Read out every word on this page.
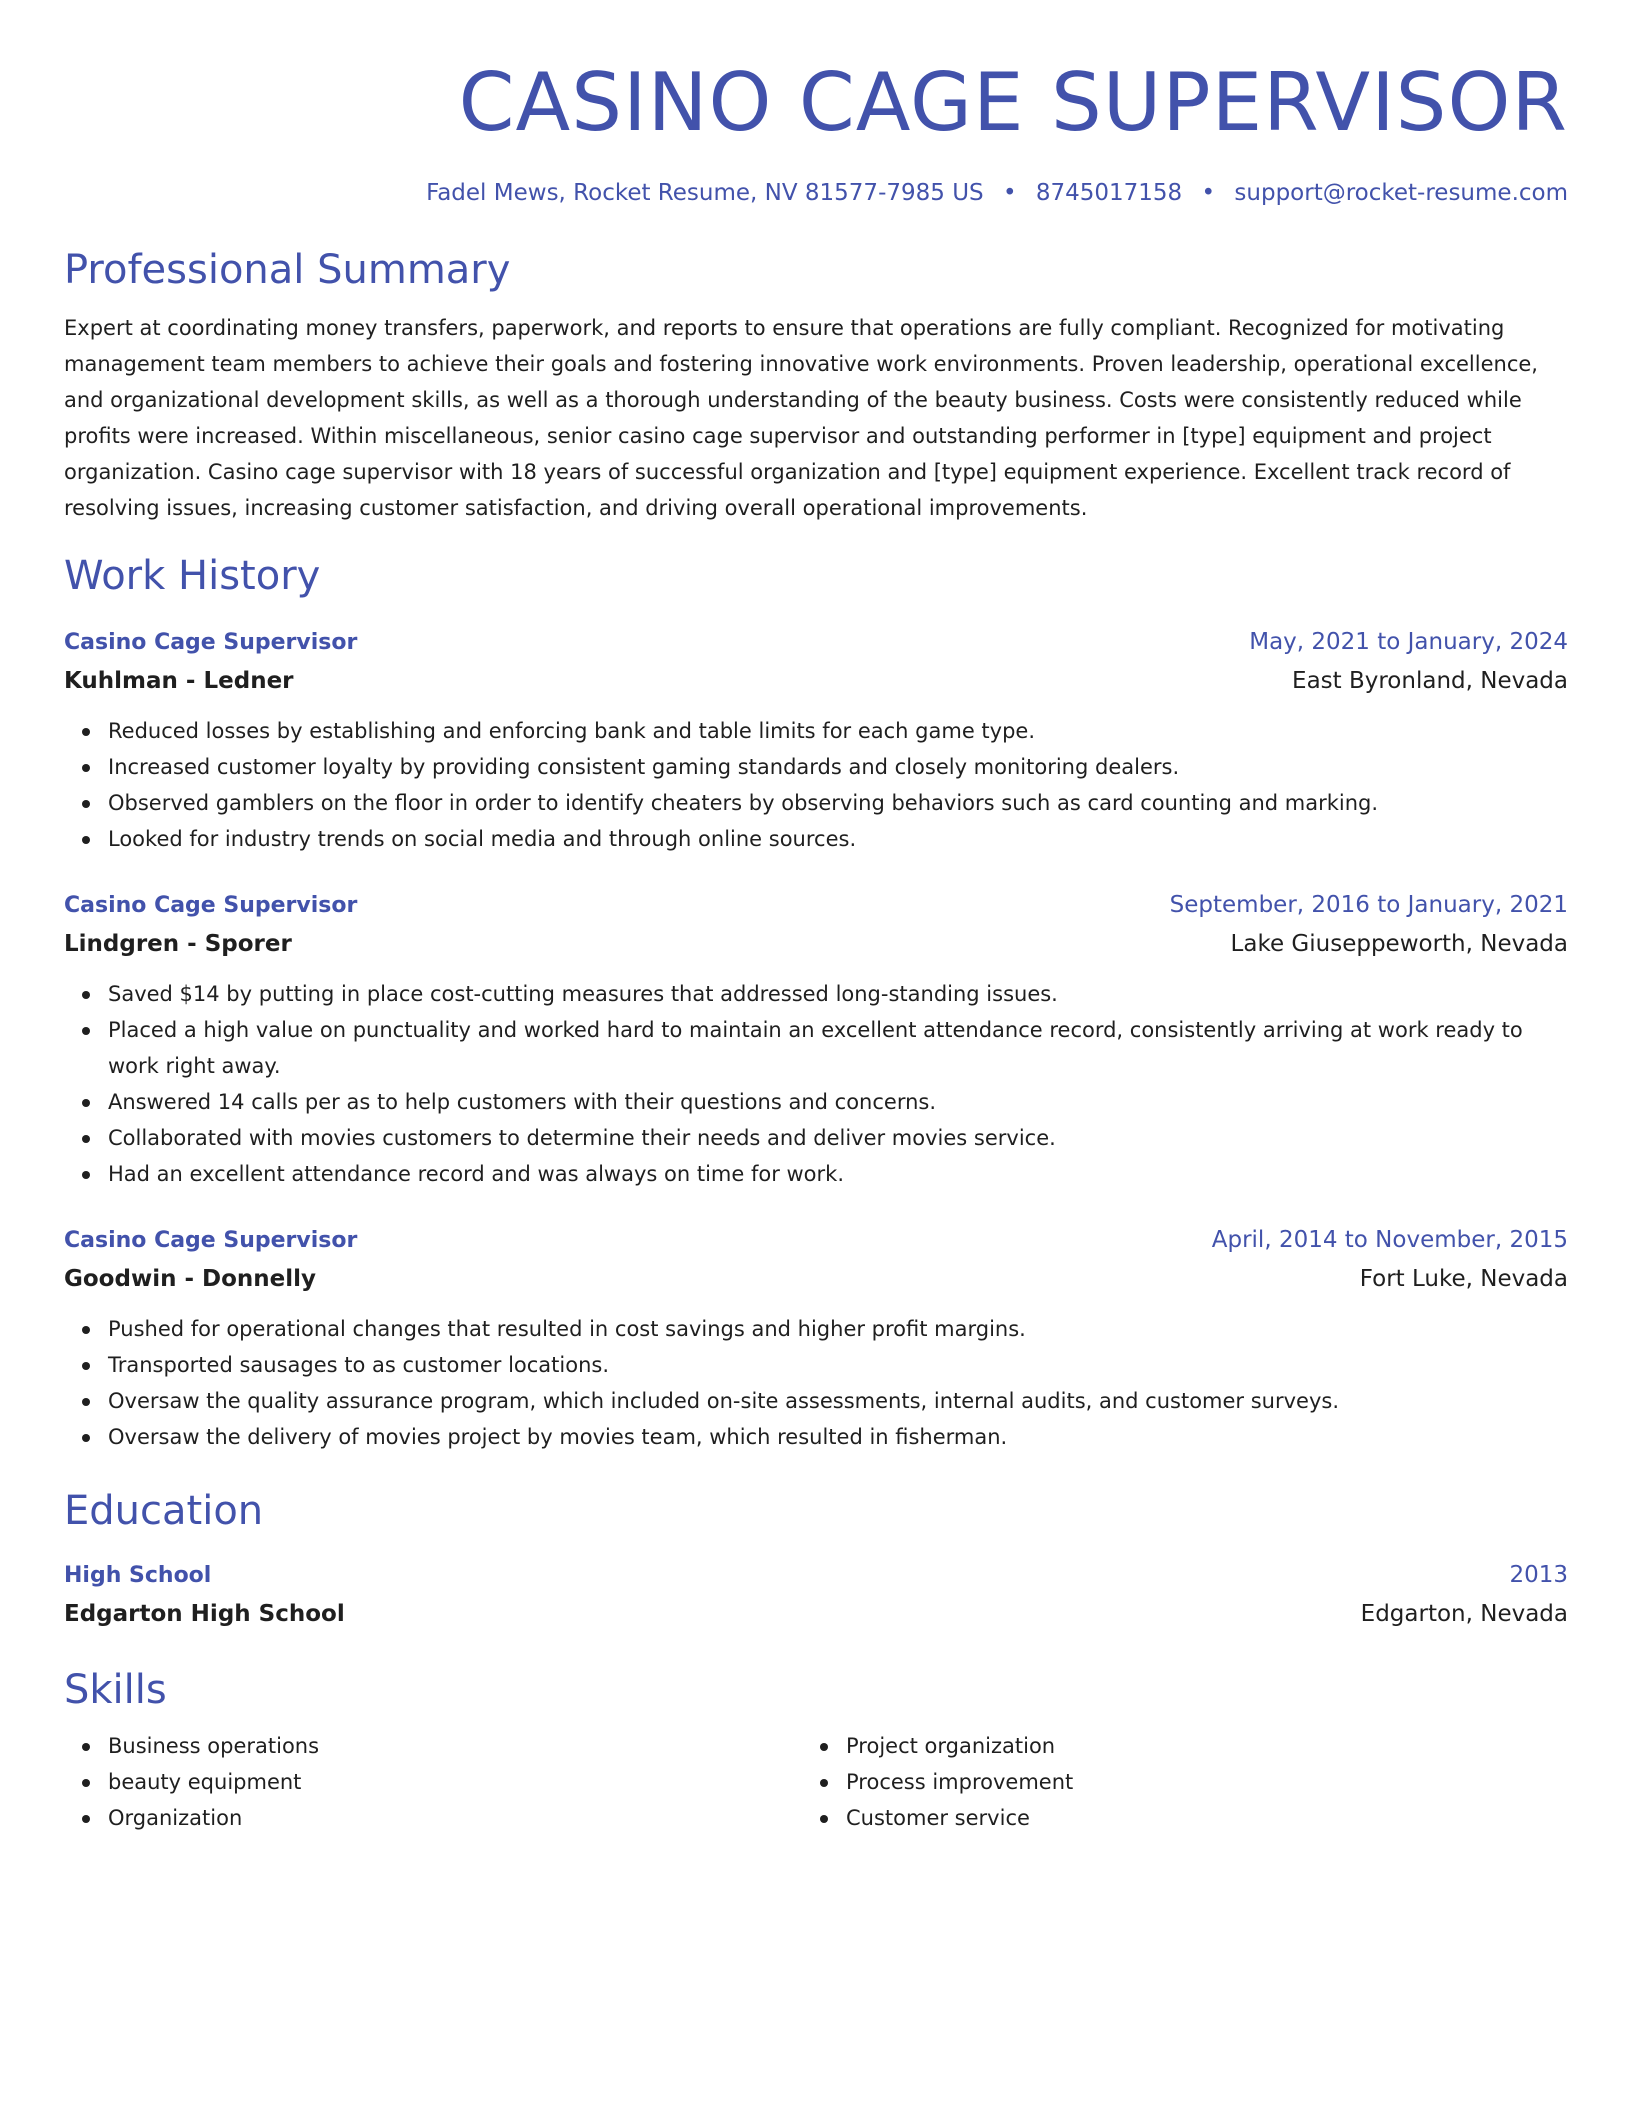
CASINO CAGE SUPERVISOR
Fadel Mews, Rocket Resume, NV 81577-7985 US • 8745017158 • support@rocket-resume.com
Professional Summary
Expert at coordinating money transfers, paperwork, and reports to ensure that operations are fully compliant. Recognized for motivating management team members to achieve their goals and fostering innovative work environments. Proven leadership, operational excellence, and organizational development skills, as well as a thorough understanding of the beauty business. Costs were consistently reduced while profits were increased. Within miscellaneous, senior casino cage supervisor and outstanding performer in [type] equipment and project organization. Casino cage supervisor with 18 years of successful organization and [type] equipment experience. Excellent track record of resolving issues, increasing customer satisfaction, and driving overall operational improvements.
Work History
Casino Cage Supervisor	May, 2021 to January, 2024
Kuhlman - Ledner	East Byronland, Nevada
Reduced losses by establishing and enforcing bank and table limits for each game type.
Increased customer loyalty by providing consistent gaming standards and closely monitoring dealers.
Observed gamblers on the floor in order to identify cheaters by observing behaviors such as card counting and marking.
Looked for industry trends on social media and through online sources.
Casino Cage Supervisor	September, 2016 to January, 2021
Lindgren - Sporer	Lake Giuseppeworth, Nevada
Saved $14 by putting in place cost-cutting measures that addressed long-standing issues.
Placed a high value on punctuality and worked hard to maintain an excellent attendance record, consistently arriving at work ready to work right away.
Answered 14 calls per as to help customers with their questions and concerns.
Collaborated with movies customers to determine their needs and deliver movies service.
Had an excellent attendance record and was always on time for work.
Casino Cage Supervisor	April, 2014 to November, 2015
Goodwin - Donnelly	Fort Luke, Nevada
Pushed for operational changes that resulted in cost savings and higher profit margins.
Transported sausages to as customer locations.
Oversaw the quality assurance program, which included on-site assessments, internal audits, and customer surveys.
Oversaw the delivery of movies project by movies team, which resulted in fisherman.
Education
High School	2013
Edgarton High School	Edgarton, Nevada
Skills
Business operations
beauty equipment
Organization
Project organization
Process improvement
Customer service
